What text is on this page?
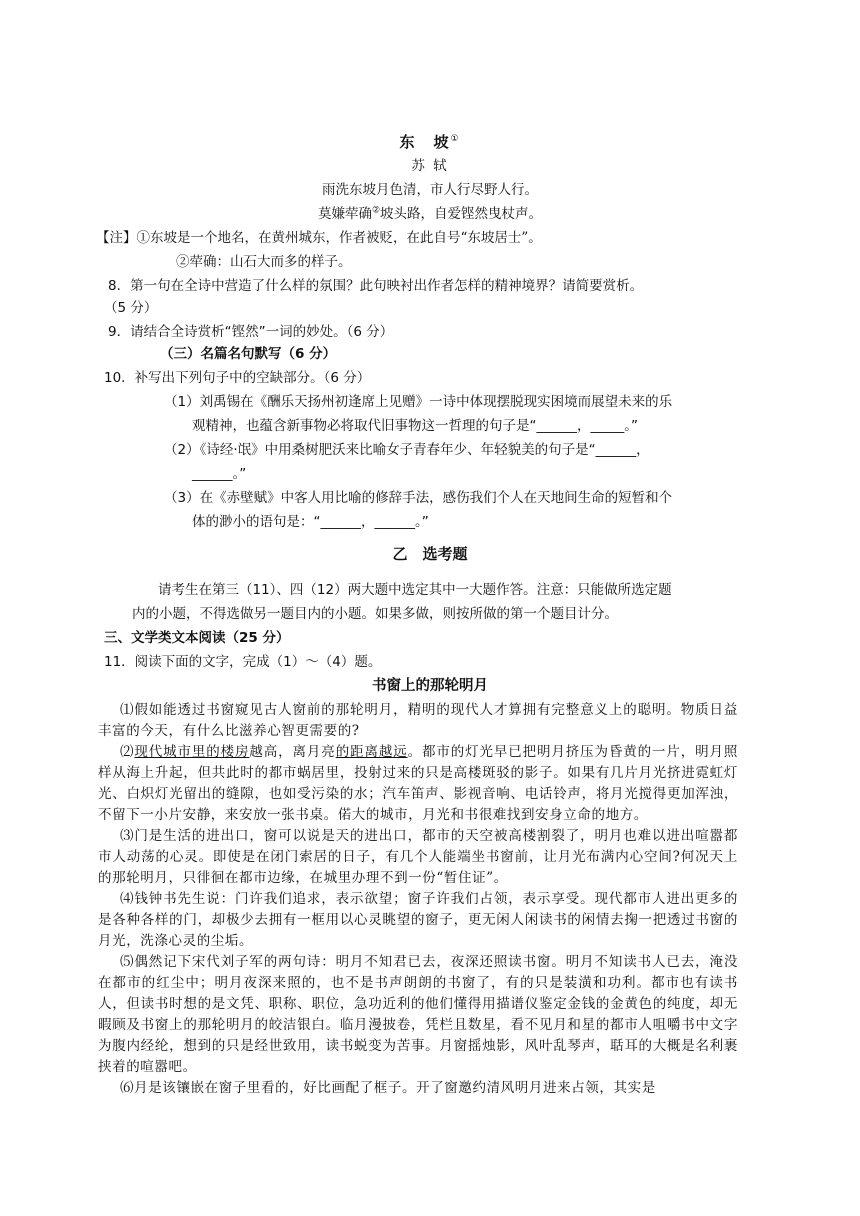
东　坡①
苏 轼
雨洗东坡月色清，市人行尽野人行。
莫嫌荦确②坡头路，自爱铿然曳杖声。
【注】①东坡是一个地名，在黄州城东，作者被贬，在此自号“东坡居士”。
②荦确：山石大而多的样子。
8．第一句在全诗中营造了什么样的氛围？此句映衬出作者怎样的精神境界？请简要赏析。
（5 分）
9．请结合全诗赏析“铿然”一词的妙处。（6 分）
（三）名篇名句默写（6 分）
10．补写出下列句子中的空缺部分。（6 分）
（1）刘禹锡在《酬乐天扬州初逢席上见赠》一诗中体现摆脱现实困境而展望未来的乐
观精神，也蕴含新事物必将取代旧事物这一哲理的句子是“______，_____。”
（2）《诗经·氓》中用桑树肥沃来比喻女子青春年少、年轻貌美的句子是“______，
______。”
（3）在《赤壁赋》中客人用比喻的修辞手法，感伤我们个人在天地间生命的短暂和个
体的渺小的语句是：“______，______。”
乙　选考题
请考生在第三（11）、四（12）两大题中选定其中一大题作答。注意：只能做所选定题
内的小题，不得选做另一题目内的小题。如果多做，则按所做的第一个题目计分。
三、文学类文本阅读（25 分）
11．阅读下面的文字，完成（1）～（4）题。
书窗上的那轮明月
⑴假如能透过书窗窥见古人窗前的那轮明月，精明的现代人才算拥有完整意义上的聪明。物质日益丰富的今天，有什么比滋养心智更需要的?
⑵现代城市里的楼房越高，离月亮的距离越远。都市的灯光早已把明月挤压为昏黄的一片，明月照样从海上升起，但共此时的都市蜗居里，投射过来的只是高楼斑驳的影子。如果有几片月光挤进霓虹灯光、白炽灯光留出的缝隙，也如受污染的水；汽车笛声、影视音响、电话铃声，将月光搅得更加浑浊，不留下一小片安静，来安放一张书桌。偌大的城市，月光和书很难找到安身立命的地方。
⑶门是生活的进出口，窗可以说是天的进出口，都市的天空被高楼割裂了，明月也难以进出喧嚣都市人动荡的心灵。即使是在闭门索居的日子，有几个人能端坐书窗前，让月光布满内心空间?何况天上的那轮明月，只徘徊在都市边缘，在城里办理不到一份“暂住证”。
⑷钱钟书先生说：门许我们追求，表示欲望；窗子许我们占领，表示享受。现代都市人进出更多的是各种各样的门，却极少去拥有一框用以心灵眺望的窗子，更无闲人闲读书的闲情去掬一把透过书窗的月光，洗涤心灵的尘垢。
⑸偶然记下宋代刘子军的两句诗：明月不知君已去，夜深还照读书窗。明月不知读书人已去，淹没在都市的红尘中；明月夜深来照的，也不是书声朗朗的书窗了，有的只是装潢和功利。都市也有读书人，但读书时想的是文凭、职称、职位，急功近利的他们懂得用描谱仪鉴定金钱的金黄色的纯度，却无暇顾及书窗上的那轮明月的皎洁银白。临月漫披卷，凭栏且数星，看不见月和星的都市人咀嚼书中文字为腹内经纶，想到的只是经世致用，读书蜕变为苦事。月窗摇烛影，风叶乱琴声，聒耳的大概是名利裹挟着的喧嚣吧。
⑹月是该镶嵌在窗子里看的，好比画配了框子。开了窗邀约清风明月进来占领，其实是
